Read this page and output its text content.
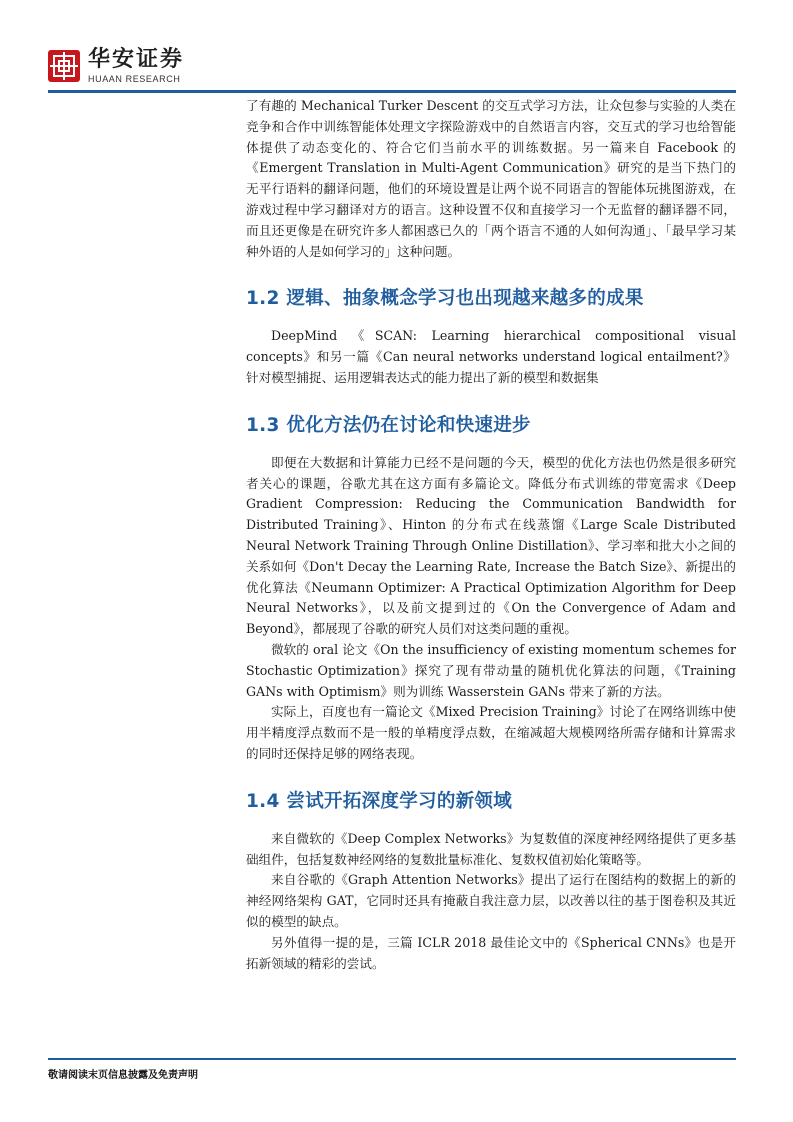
华安证券
HUAAN RESEARCH

了有趣的 Mechanical Turker Descent 的交互式学习方法，让众包参与实验的人类在竞争和合作中训练智能体处理文字探险游戏中的自然语言内容，交互式的学习也给智能体提供了动态变化的、符合它们当前水平的训练数据。另一篇来自 Facebook 的《Emergent Translation in Multi-Agent Communication》研究的是当下热门的无平行语料的翻译问题，他们的环境设置是让两个说不同语言的智能体玩挑图游戏，在游戏过程中学习翻译对方的语言。这种设置不仅和直接学习一个无监督的翻译器不同，而且还更像是在研究许多人都困惑已久的「两个语言不通的人如何沟通」、「最早学习某种外语的人是如何学习的」这种问题。

1.2 逻辑、抽象概念学习也出现越来越多的成果

DeepMind 《SCAN: Learning hierarchical compositional visual concepts》和另一篇《Can neural networks understand logical entailment?》针对模型捕捉、运用逻辑表达式的能力提出了新的模型和数据集

1.3 优化方法仍在讨论和快速进步

即便在大数据和计算能力已经不是问题的今天，模型的优化方法也仍然是很多研究者关心的课题，谷歌尤其在这方面有多篇论文。降低分布式训练的带宽需求《Deep Gradient Compression: Reducing the Communication Bandwidth for Distributed Training》、Hinton 的分布式在线蒸馏《Large Scale Distributed Neural Network Training Through Online Distillation》、学习率和批大小之间的关系如何《Don't Decay the Learning Rate, Increase the Batch Size》、新提出的优化算法《Neumann Optimizer: A Practical Optimization Algorithm for Deep Neural Networks》，以及前文提到过的《On the Convergence of Adam and Beyond》，都展现了谷歌的研究人员们对这类问题的重视。

微软的 oral 论文《On the insufficiency of existing momentum schemes for Stochastic Optimization》探究了现有带动量的随机优化算法的问题，《Training GANs with Optimism》则为训练 Wasserstein GANs 带来了新的方法。

实际上，百度也有一篇论文《Mixed Precision Training》讨论了在网络训练中使用半精度浮点数而不是一般的单精度浮点数，在缩减超大规模网络所需存储和计算需求的同时还保持足够的网络表现。

1.4 尝试开拓深度学习的新领域

来自微软的《Deep Complex Networks》为复数值的深度神经网络提供了更多基础组件，包括复数神经网络的复数批量标准化、复数权值初始化策略等。

来自谷歌的《Graph Attention Networks》提出了运行在图结构的数据上的新的神经网络架构 GAT，它同时还具有掩蔽自我注意力层，以改善以往的基于图卷积及其近似的模型的缺点。

另外值得一提的是，三篇 ICLR 2018 最佳论文中的《Spherical CNNs》也是开拓新领域的精彩的尝试。

敬请阅读末页信息披露及免责声明
